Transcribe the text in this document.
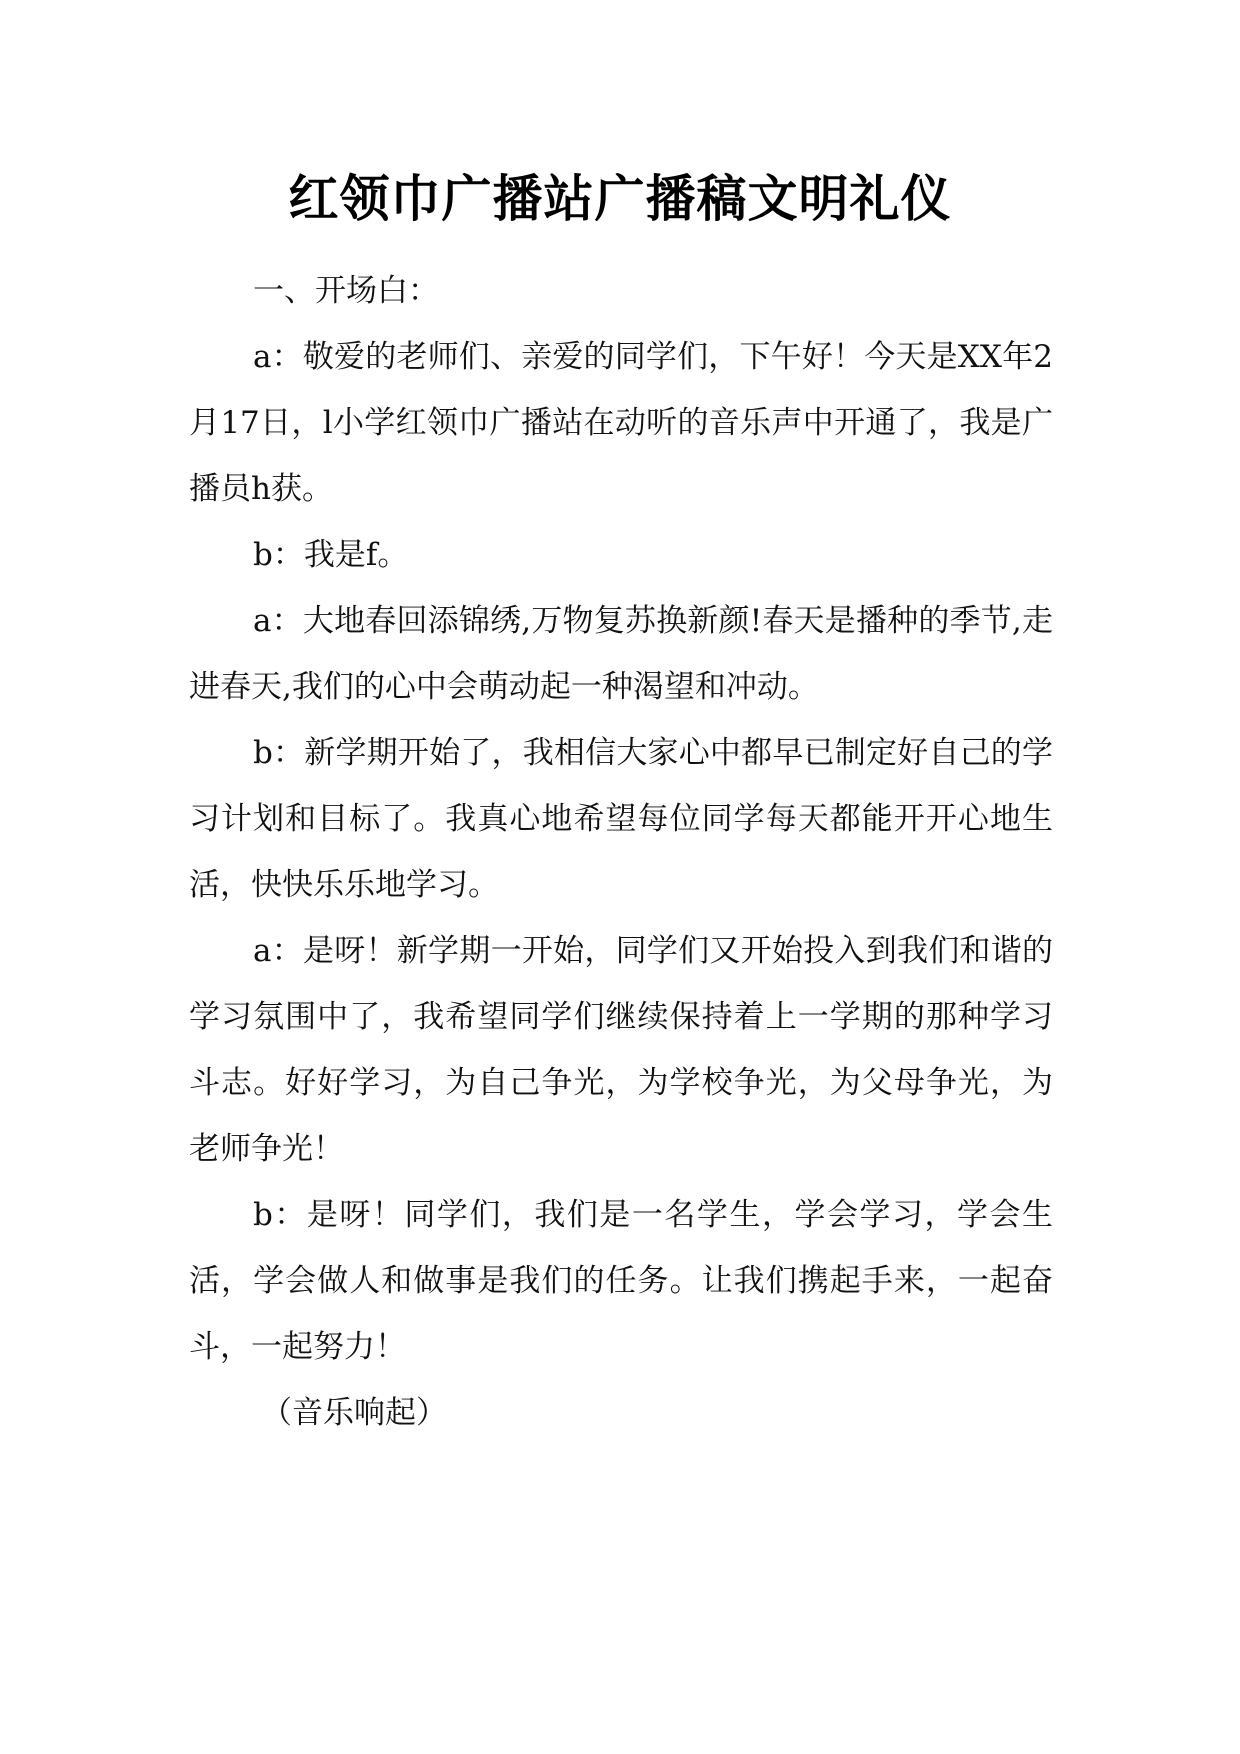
红领巾广播站广播稿文明礼仪

一、开场白：

a：敬爱的老师们、亲爱的同学们，下午好！今天是XX年2月17日，l小学红领巾广播站在动听的音乐声中开通了，我是广播员h获。

b：我是f。

a：大地春回添锦绣,万物复苏换新颜!春天是播种的季节,走进春天,我们的心中会萌动起一种渴望和冲动。

b：新学期开始了，我相信大家心中都早已制定好自己的学习计划和目标了。我真心地希望每位同学每天都能开开心地生活，快快乐乐地学习。

a：是呀！新学期一开始，同学们又开始投入到我们和谐的学习氛围中了，我希望同学们继续保持着上一学期的那种学习斗志。好好学习，为自己争光，为学校争光，为父母争光，为老师争光！

b：是呀！同学们，我们是一名学生，学会学习，学会生活，学会做人和做事是我们的任务。让我们携起手来，一起奋斗，一起努力！

（音乐响起）
